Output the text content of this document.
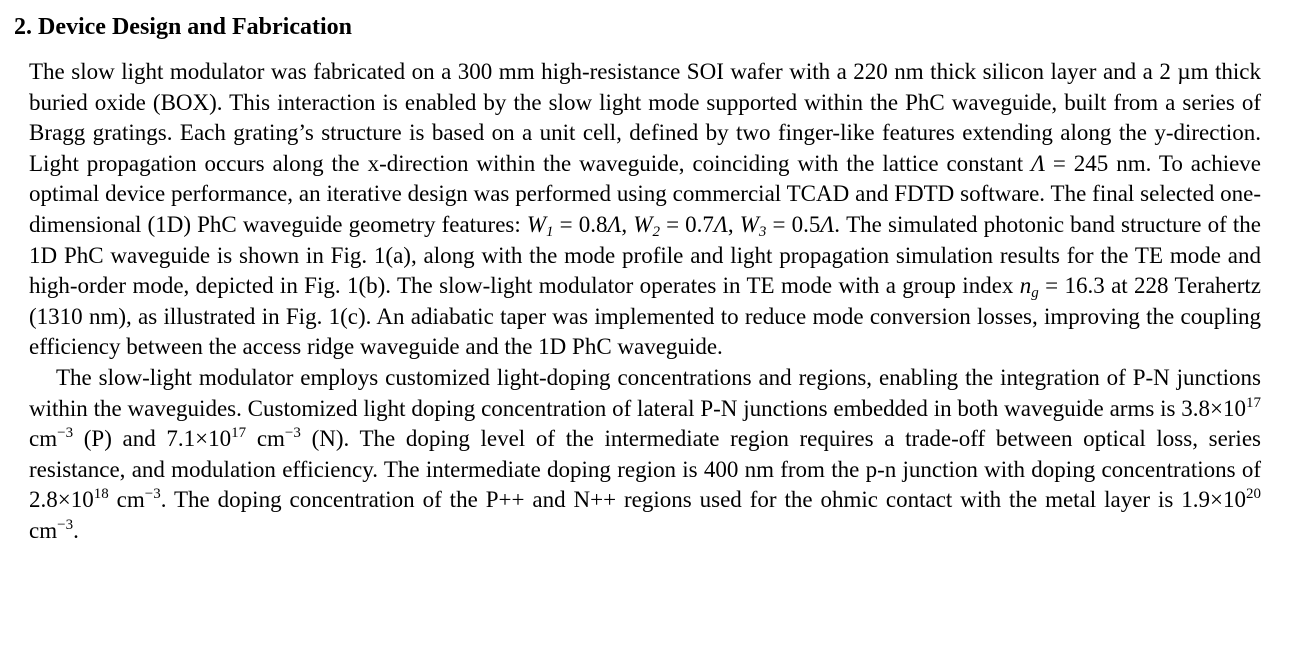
2. Device Design and Fabrication

The slow light modulator was fabricated on a 300 mm high-resistance SOI wafer with a 220 nm thick silicon layer and a 2 µm thick buried oxide (BOX). This interaction is enabled by the slow light mode supported within the PhC waveguide, built from a series of Bragg gratings. Each grating’s structure is based on a unit cell, defined by two finger-like features extending along the y-direction. Light propagation occurs along the x-direction within the waveguide, coinciding with the lattice constant Λ = 245 nm. To achieve optimal device performance, an iterative design was performed using commercial TCAD and FDTD software. The final selected one-dimensional (1D) PhC waveguide geometry features: $W_1 = 0.8\Lambda$, $W_2 = 0.7\Lambda$, $W_3 = 0.5\Lambda$. The simulated photonic band structure of the 1D PhC waveguide is shown in Fig. 1(a), along with the mode profile and light propagation simulation results for the TE mode and high-order mode, depicted in Fig. 1(b). The slow-light modulator operates in TE mode with a group index $n_g = 16.3$ at 228 Terahertz (1310 nm), as illustrated in Fig. 1(c). An adiabatic taper was implemented to reduce mode conversion losses, improving the coupling efficiency between the access ridge waveguide and the 1D PhC waveguide.

The slow-light modulator employs customized light-doping concentrations and regions, enabling the integration of P-N junctions within the waveguides. Customized light doping concentration of lateral P-N junctions embedded in both waveguide arms is $3.8\times 10^{17}$ $cm^{-3}$ (P) and $7.1\times 10^{17}$ $cm^{-3}$ (N). The doping level of the intermediate region requires a trade-off between optical loss, series resistance, and modulation efficiency. The intermediate doping region is 400 nm from the p-n junction with doping concentrations of $2.8\times 10^{18}$ $cm^{-3}$. The doping concentration of the P++ and N++ regions used for the ohmic contact with the metal layer is $1.9\times 10^{20}$ $cm^{-3}$.
